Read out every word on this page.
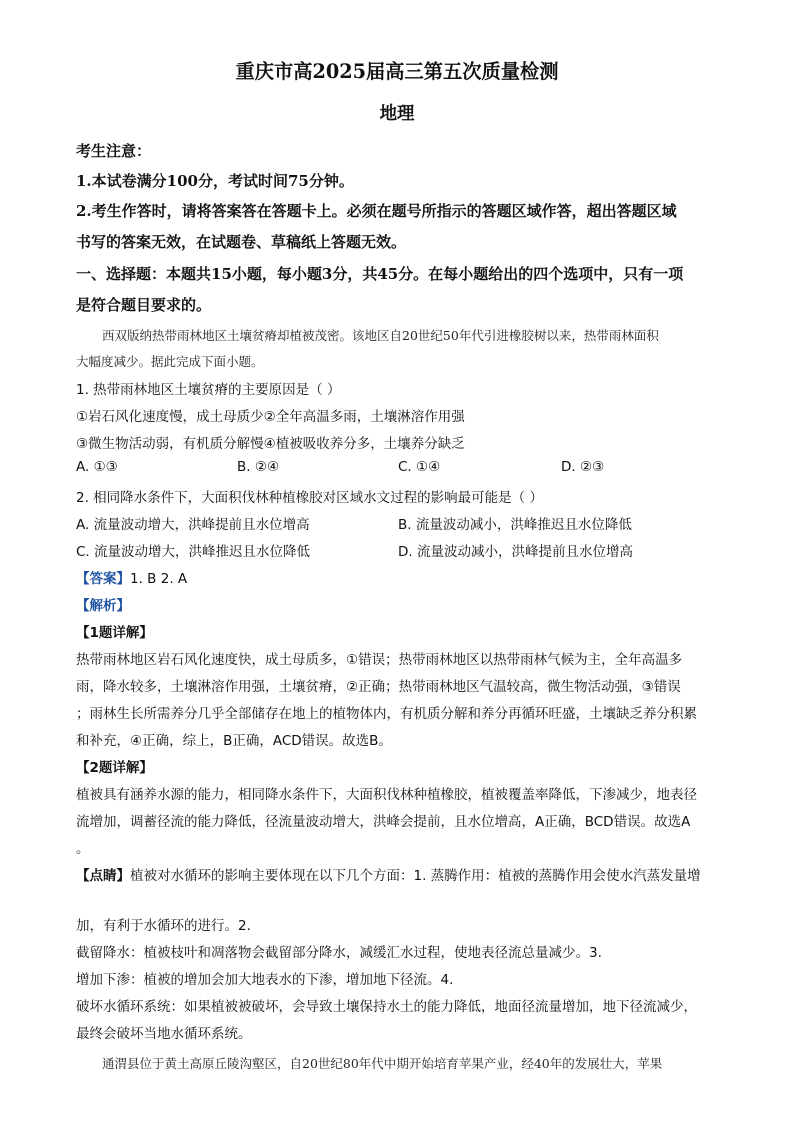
重庆市高2025届高三第五次质量检测
地理
考生注意：
1.本试卷满分100分，考试时间75分钟。
2.考生作答时，请将答案答在答题卡上。必须在题号所指示的答题区域作答，超出答题区域
书写的答案无效，在试题卷、草稿纸上答题无效。
一、选择题：本题共15小题，每小题3分，共45分。在每小题给出的四个选项中，只有一项
是符合题目要求的。
西双版纳热带雨林地区土壤贫瘠却植被茂密。该地区自20世纪50年代引进橡胶树以来，热带雨林面积
大幅度减少。据此完成下面小题。
1. 热带雨林地区土壤贫瘠的主要原因是（ ）
①岩石风化速度慢，成土母质少②全年高温多雨，土壤淋溶作用强
③微生物活动弱，有机质分解慢④植被吸收养分多，土壤养分缺乏
A. ①③	B. ②④	C. ①④	D. ②③
2. 相同降水条件下，大面积伐林种植橡胶对区域水文过程的影响最可能是（ ）
A. 流量波动增大，洪峰提前且水位增高	B. 流量波动减小，洪峰推迟且水位降低
C. 流量波动增大，洪峰推迟且水位降低	D. 流量波动减小，洪峰提前且水位增高
【答案】1. B 2. A
【解析】
【1题详解】
热带雨林地区岩石风化速度快，成土母质多，①错误；热带雨林地区以热带雨林气候为主，全年高温多
雨，降水较多，土壤淋溶作用强，土壤贫瘠，②正确；热带雨林地区气温较高，微生物活动强，③错误
；雨林生长所需养分几乎全部储存在地上的植物体内，有机质分解和养分再循环旺盛，土壤缺乏养分积累
和补充，④正确，综上，B正确，ACD错误。故选B。
【2题详解】
植被具有涵养水源的能力，相同降水条件下，大面积伐林种植橡胶，植被覆盖率降低，下渗减少，地表径
流增加，调蓄径流的能力降低，径流量波动增大，洪峰会提前，且水位增高，A正确，BCD错误。故选A
。
【点睛】植被对水循环的影响主要体现在以下几个方面：1. 蒸腾作用：植被的蒸腾作用会使水汽蒸发量增
加，有利于水循环的进行。2.
截留降水：植被枝叶和凋落物会截留部分降水，减缓汇水过程，使地表径流总量减少。3.
增加下渗：植被的增加会加大地表水的下渗，增加地下径流。4.
破坏水循环系统：如果植被被破坏，会导致土壤保持水土的能力降低，地面径流量增加，地下径流减少，
最终会破坏当地水循环系统。
通渭县位于黄土高原丘陵沟壑区，自20世纪80年代中期开始培育苹果产业，经40年的发展壮大，苹果
